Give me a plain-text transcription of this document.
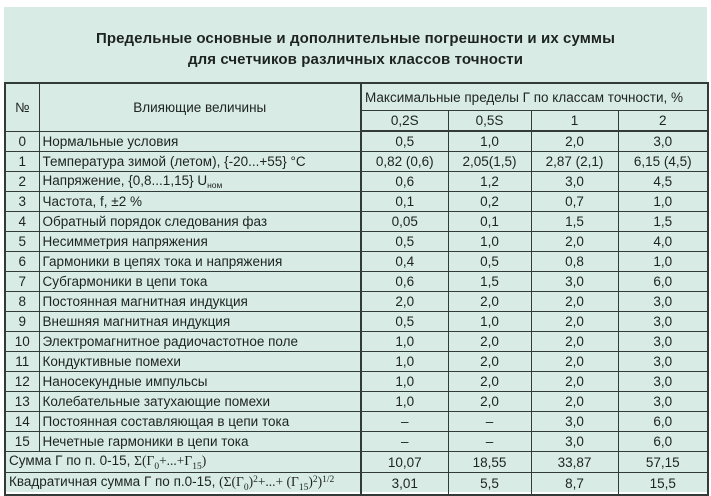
Предельные основные и дополнительные погрешности и их суммы
для счетчиков различных классов точности
№	Влияющие величины	Максимальные пределы Г по классам точности, %			
		0,2S	0,5S	1	2
0	Нормальные условия	0,5	1,0	2,0	3,0
1	Температура зимой (летом), {-20...+55} °C	0,82 (0,6)	2,05(1,5)	2,87 (2,1)	6,15 (4,5)
2	Напряжение, {0,8...1,15} $U_{ном}$	0,6	1,2	3,0	4,5
3	Частота, f, ±2 %	0,1	0,2	0,7	1,0
4	Обратный порядок следования фаз	0,05	0,1	1,5	1,5
5	Несимметрия напряжения	0,5	1,0	2,0	4,0
6	Гармоники в цепях тока и напряжения	0,4	0,5	0,8	1,0
7	Субгармоники в цепи тока	0,6	1,5	3,0	6,0
8	Постоянная магнитная индукция	2,0	2,0	2,0	3,0
9	Внешняя магнитная индукция	0,5	1,0	2,0	3,0
10	Электромагнитное радиочастотное поле	1,0	2,0	2,0	3,0
11	Кондуктивные помехи	1,0	2,0	2,0	3,0
12	Наносекундные импульсы	1,0	2,0	2,0	3,0
13	Колебательные затухающие помехи	1,0	2,0	2,0	3,0
14	Постоянная составляющая в цепи тока	–	–	3,0	6,0
15	Нечетные гармоники в цепи тока	–	–	3,0	6,0
Сумма Г по п. 0-15, $\Sigma(\Gamma_0+...+\Gamma_{15})$		10,07	18,55	33,87	57,15
Квадратичная сумма Г по п.0-15, $(\Sigma(\Gamma_0)^2+...+ (\Gamma_{15})^2)^{1/2}$		3,01	5,5	8,7	15,5
